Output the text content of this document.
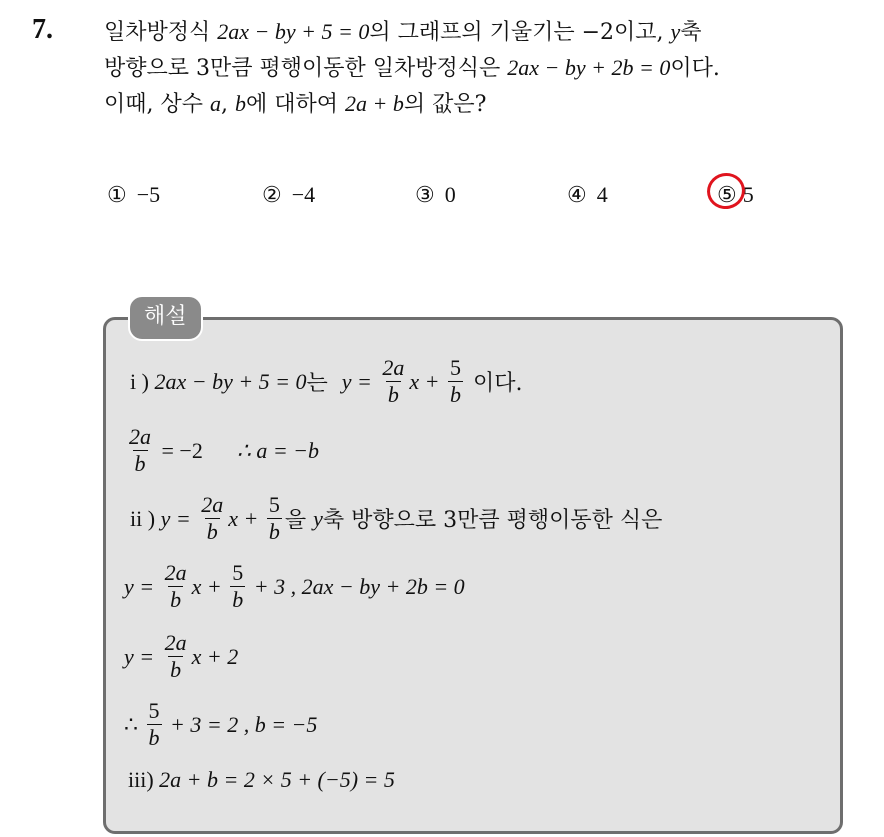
7. 일차방정식 2ax − by + 5 = 0의 그래프의 기울기는 −2이고, y축
방향으로 3만큼 평행이동한 일차방정식은 2ax − by + 2b = 0이다.
이때, 상수 a, b에 대하여 2a + b의 값은?
① −5	② −4	③ 0	④ 4	⑤ 5
해설
i ) 2ax − by + 5 = 0 는 $y = \frac{2a}{b}$ $x + \frac{5}{b}$ 이다.
$\frac{2a}{b} = -2$ ∴ a = −b
ii ) $y = \frac{2a}{b}$ $x + \frac{5}{b}$ 을 y 축 방향으로 3만큼 평행이동한 식은
$y = \frac{2a}{b}$ $x + \frac{5}{b} + 3$ , 2ax − by + 2b = 0
$y = \frac{2a}{b}$ x + 2
∴ $\frac{5}{b} + 3 = 2$ , b = −5
iii) 2a + b = 2 × 5 + (−5) = 5
